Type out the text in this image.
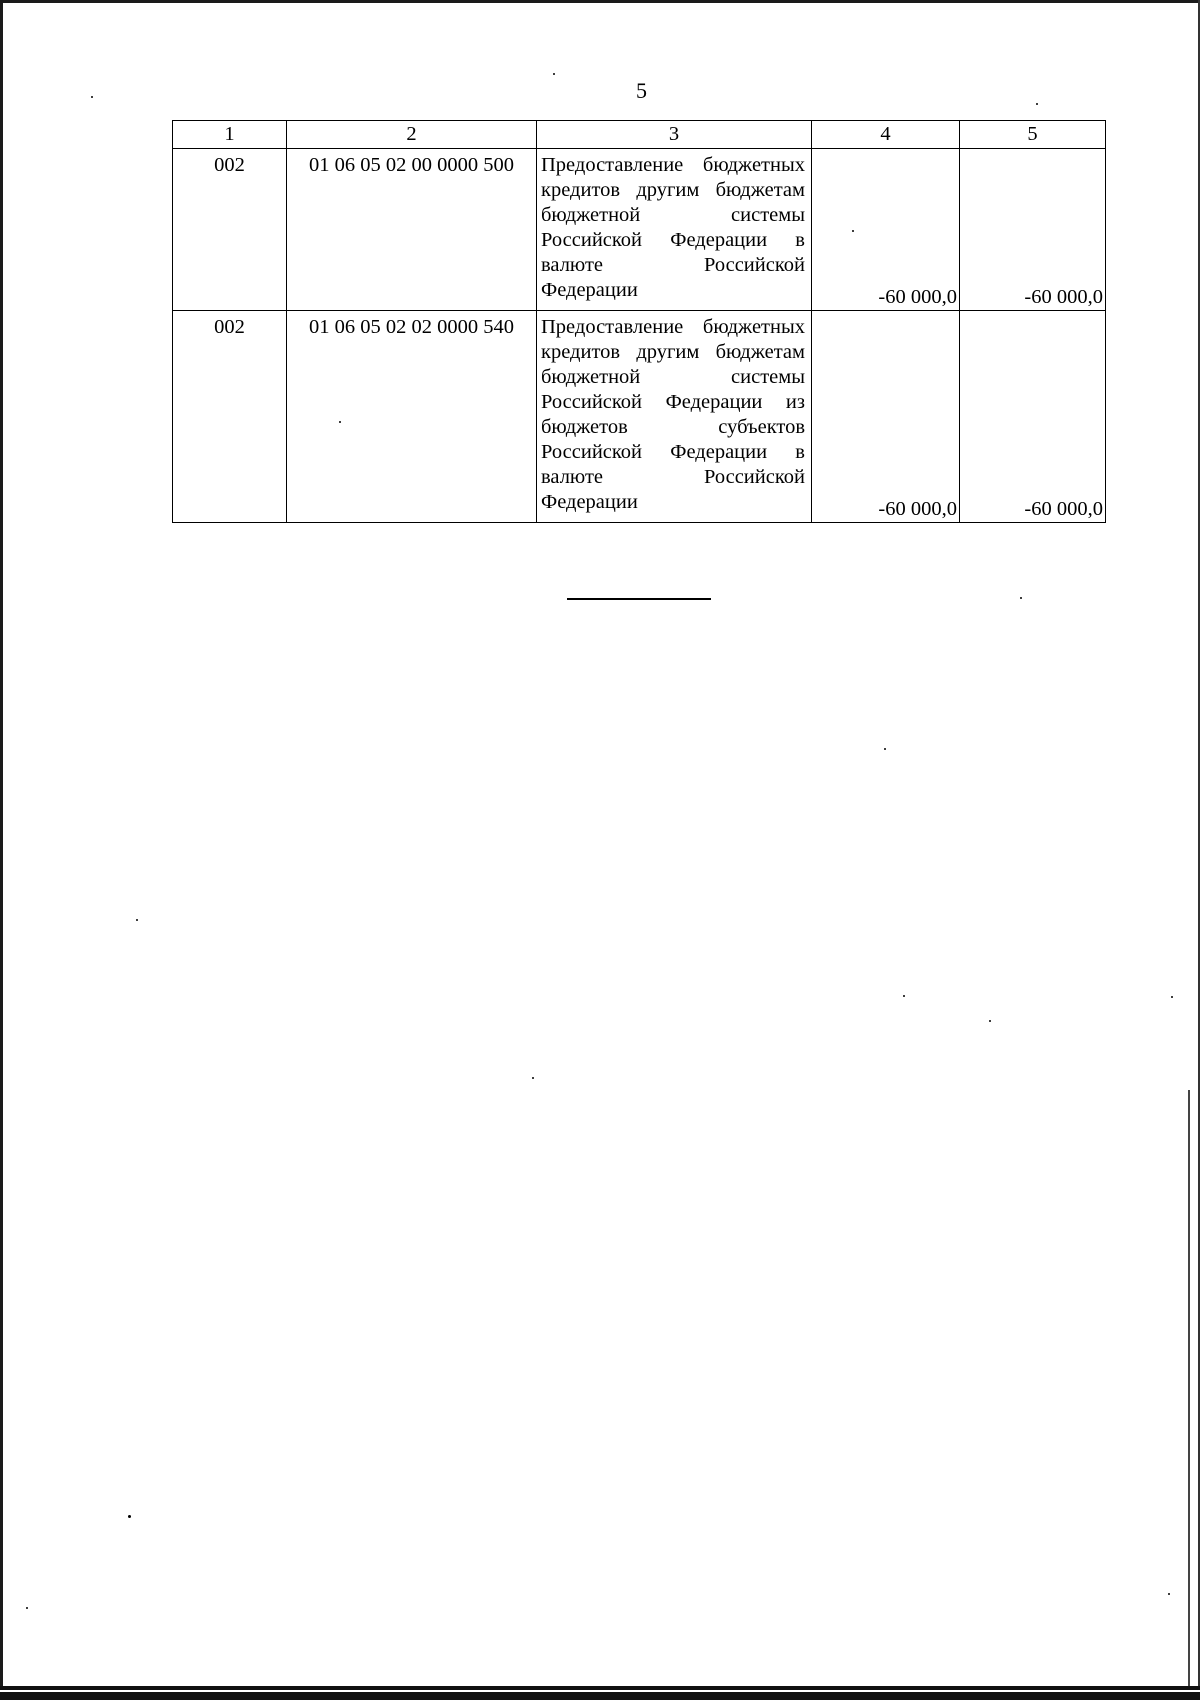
5
1	2	3	4	5
002	01 06 05 02 00 0000 500	Предоставление бюджетных кредитов другим бюджетам бюджетной системы Российской Федерации в валюте Российской Федерации	-60 000,0	-60 000,0
002	01 06 05 02 02 0000 540	Предоставление бюджетных кредитов другим бюджетам бюджетной системы Российской Федерации из бюджетов субъектов Российской Федерации в валюте Российской Федерации	-60 000,0	-60 000,0
